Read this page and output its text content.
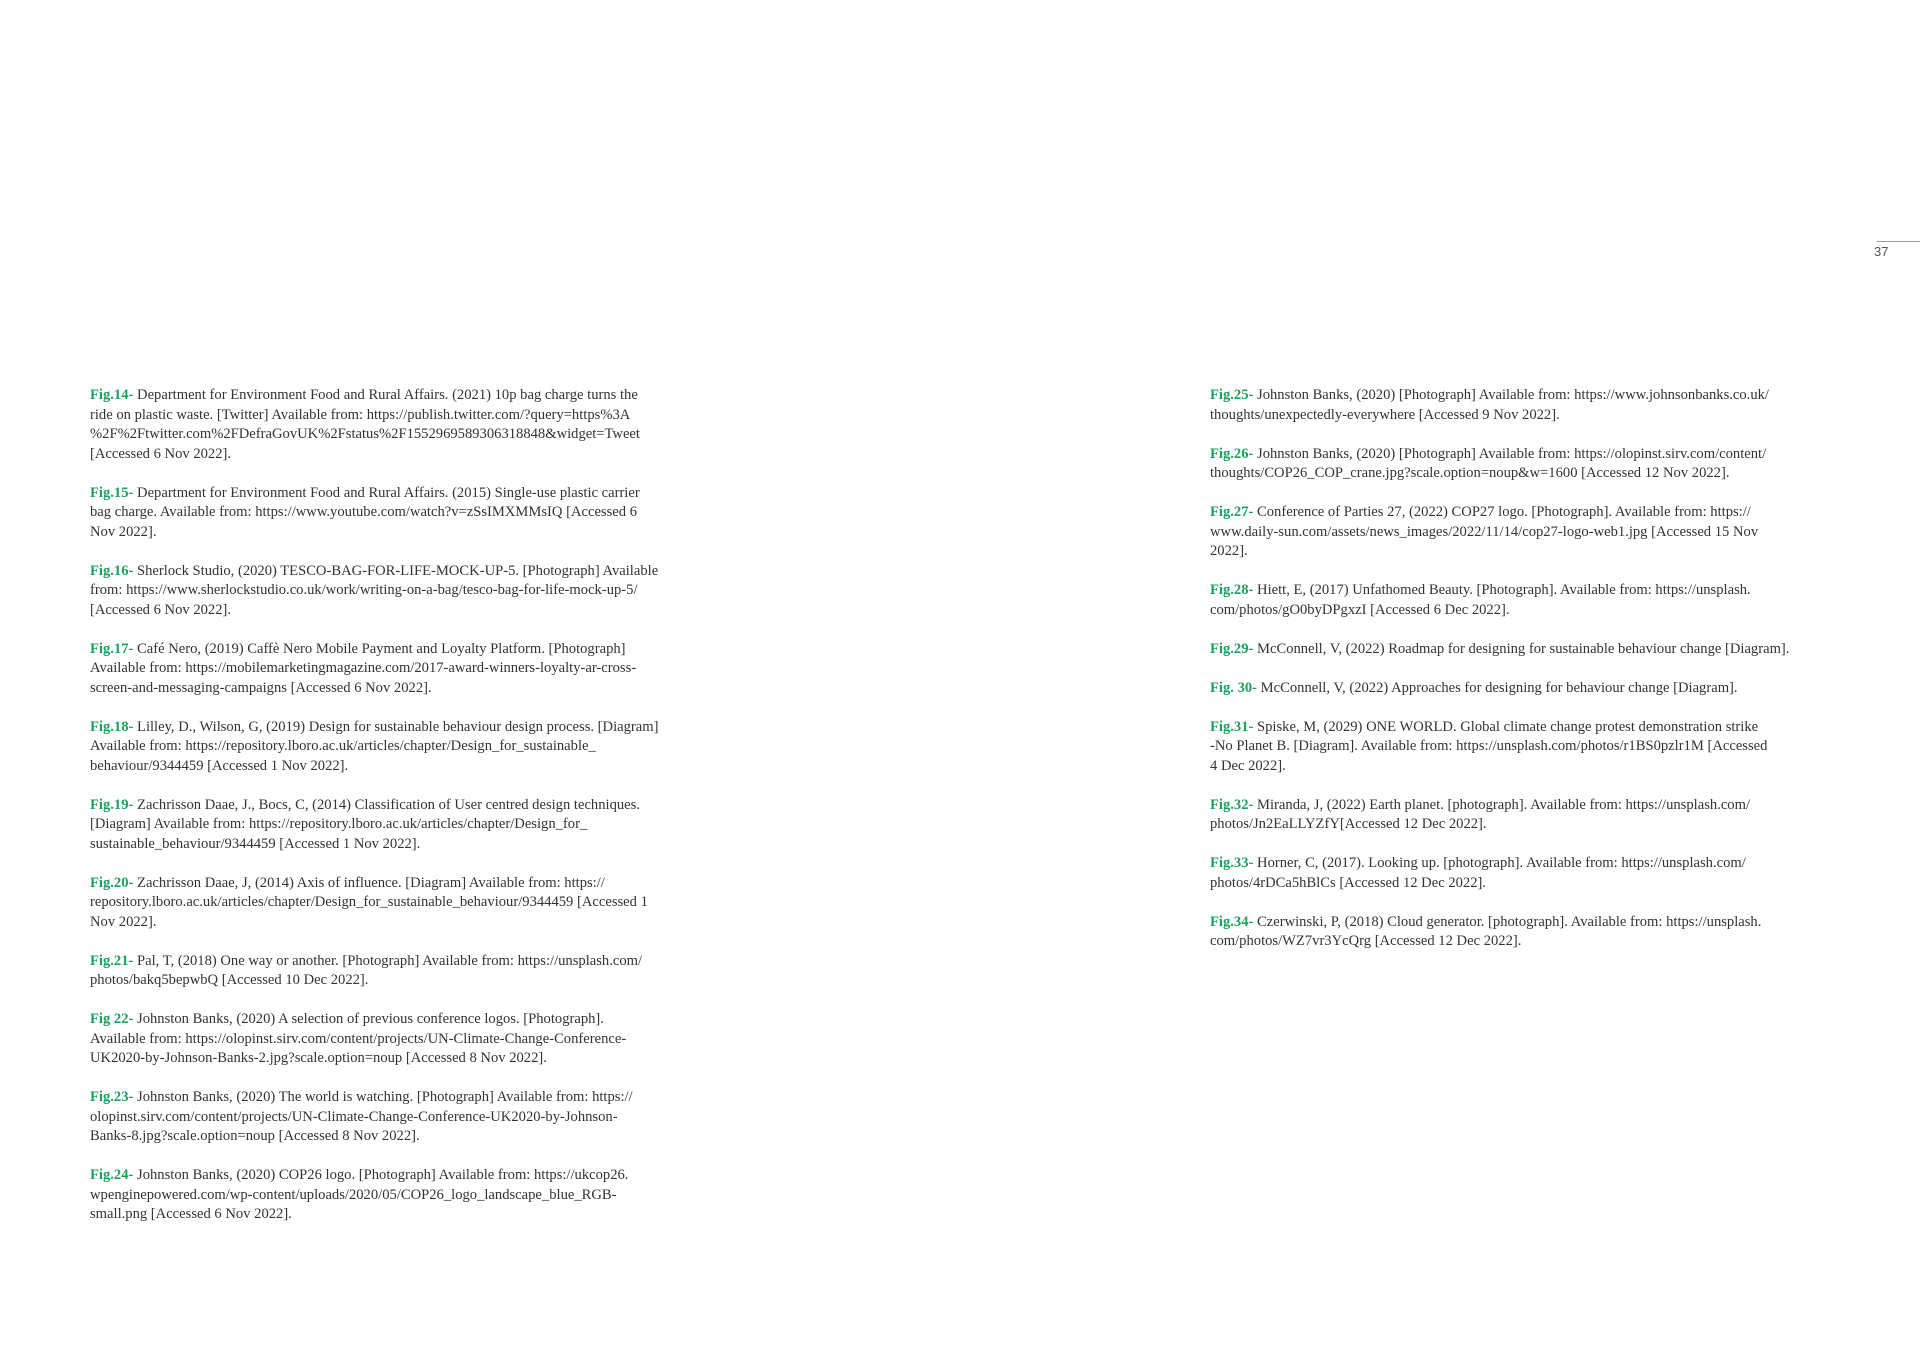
37

Fig.14- Department for Environment Food and Rural Affairs. (2021) 10p bag charge turns the
ride on plastic waste. [Twitter] Available from: https://publish.twitter.com/?query=https%3A
%2F%2Ftwitter.com%2FDefraGovUK%2Fstatus%2F1552969589306318848&widget=Tweet
[Accessed 6 Nov 2022].

Fig.15- Department for Environment Food and Rural Affairs. (2015) Single-use plastic carrier
bag charge. Available from: https://www.youtube.com/watch?v=zSsIMXMMsIQ [Accessed 6
Nov 2022].

Fig.16- Sherlock Studio, (2020) TESCO-BAG-FOR-LIFE-MOCK-UP-5. [Photograph] Available
from: https://www.sherlockstudio.co.uk/work/writing-on-a-bag/tesco-bag-for-life-mock-up-5/
[Accessed 6 Nov 2022].

Fig.17- Café Nero, (2019) Caffè Nero Mobile Payment and Loyalty Platform. [Photograph]
Available from: https://mobilemarketingmagazine.com/2017-award-winners-loyalty-ar-cross-
screen-and-messaging-campaigns [Accessed 6 Nov 2022].

Fig.18- Lilley, D., Wilson, G, (2019) Design for sustainable behaviour design process. [Diagram]
Available from: https://repository.lboro.ac.uk/articles/chapter/Design_for_sustainable_
behaviour/9344459 [Accessed 1 Nov 2022].

Fig.19- Zachrisson Daae, J., Bocs, C, (2014) Classification of User centred design techniques.
[Diagram] Available from: https://repository.lboro.ac.uk/articles/chapter/Design_for_
sustainable_behaviour/9344459 [Accessed 1 Nov 2022].

Fig.20- Zachrisson Daae, J, (2014) Axis of influence. [Diagram] Available from: https://
repository.lboro.ac.uk/articles/chapter/Design_for_sustainable_behaviour/9344459 [Accessed 1
Nov 2022].

Fig.21- Pal, T, (2018) One way or another. [Photograph] Available from: https://unsplash.com/
photos/bakq5bepwbQ [Accessed 10 Dec 2022].

Fig 22- Johnston Banks, (2020) A selection of previous conference logos. [Photograph].
Available from: https://olopinst.sirv.com/content/projects/UN-Climate-Change-Conference-
UK2020-by-Johnson-Banks-2.jpg?scale.option=noup [Accessed 8 Nov 2022].

Fig.23- Johnston Banks, (2020) The world is watching. [Photograph] Available from: https://
olopinst.sirv.com/content/projects/UN-Climate-Change-Conference-UK2020-by-Johnson-
Banks-8.jpg?scale.option=noup [Accessed 8 Nov 2022].

Fig.24- Johnston Banks, (2020) COP26 logo. [Photograph] Available from: https://ukcop26.
wpenginepowered.com/wp-content/uploads/2020/05/COP26_logo_landscape_blue_RGB-
small.png [Accessed 6 Nov 2022].

Fig.25- Johnston Banks, (2020) [Photograph] Available from: https://www.johnsonbanks.co.uk/
thoughts/unexpectedly-everywhere [Accessed 9 Nov 2022].

Fig.26- Johnston Banks, (2020) [Photograph] Available from: https://olopinst.sirv.com/content/
thoughts/COP26_COP_crane.jpg?scale.option=noup&w=1600 [Accessed 12 Nov 2022].

Fig.27- Conference of Parties 27, (2022) COP27 logo. [Photograph]. Available from: https://
www.daily-sun.com/assets/news_images/2022/11/14/cop27-logo-web1.jpg [Accessed 15 Nov
2022].

Fig.28- Hiett, E, (2017) Unfathomed Beauty. [Photograph]. Available from: https://unsplash.
com/photos/gO0byDPgxzI [Accessed 6 Dec 2022].

Fig.29- McConnell, V, (2022) Roadmap for designing for sustainable behaviour change [Diagram].

Fig. 30- McConnell, V, (2022) Approaches for designing for behaviour change [Diagram].

Fig.31- Spiske, M, (2029) ONE WORLD. Global climate change protest demonstration strike
-No Planet B. [Diagram]. Available from: https://unsplash.com/photos/r1BS0pzlr1M [Accessed
4 Dec 2022].

Fig.32- Miranda, J, (2022) Earth planet. [photograph]. Available from: https://unsplash.com/
photos/Jn2EaLLYZfY[Accessed 12 Dec 2022].

Fig.33- Horner, C, (2017). Looking up. [photograph]. Available from: https://unsplash.com/
photos/4rDCa5hBlCs [Accessed 12 Dec 2022].

Fig.34- Czerwinski, P, (2018) Cloud generator. [photograph]. Available from: https://unsplash.
com/photos/WZ7vr3YcQrg [Accessed 12 Dec 2022].
